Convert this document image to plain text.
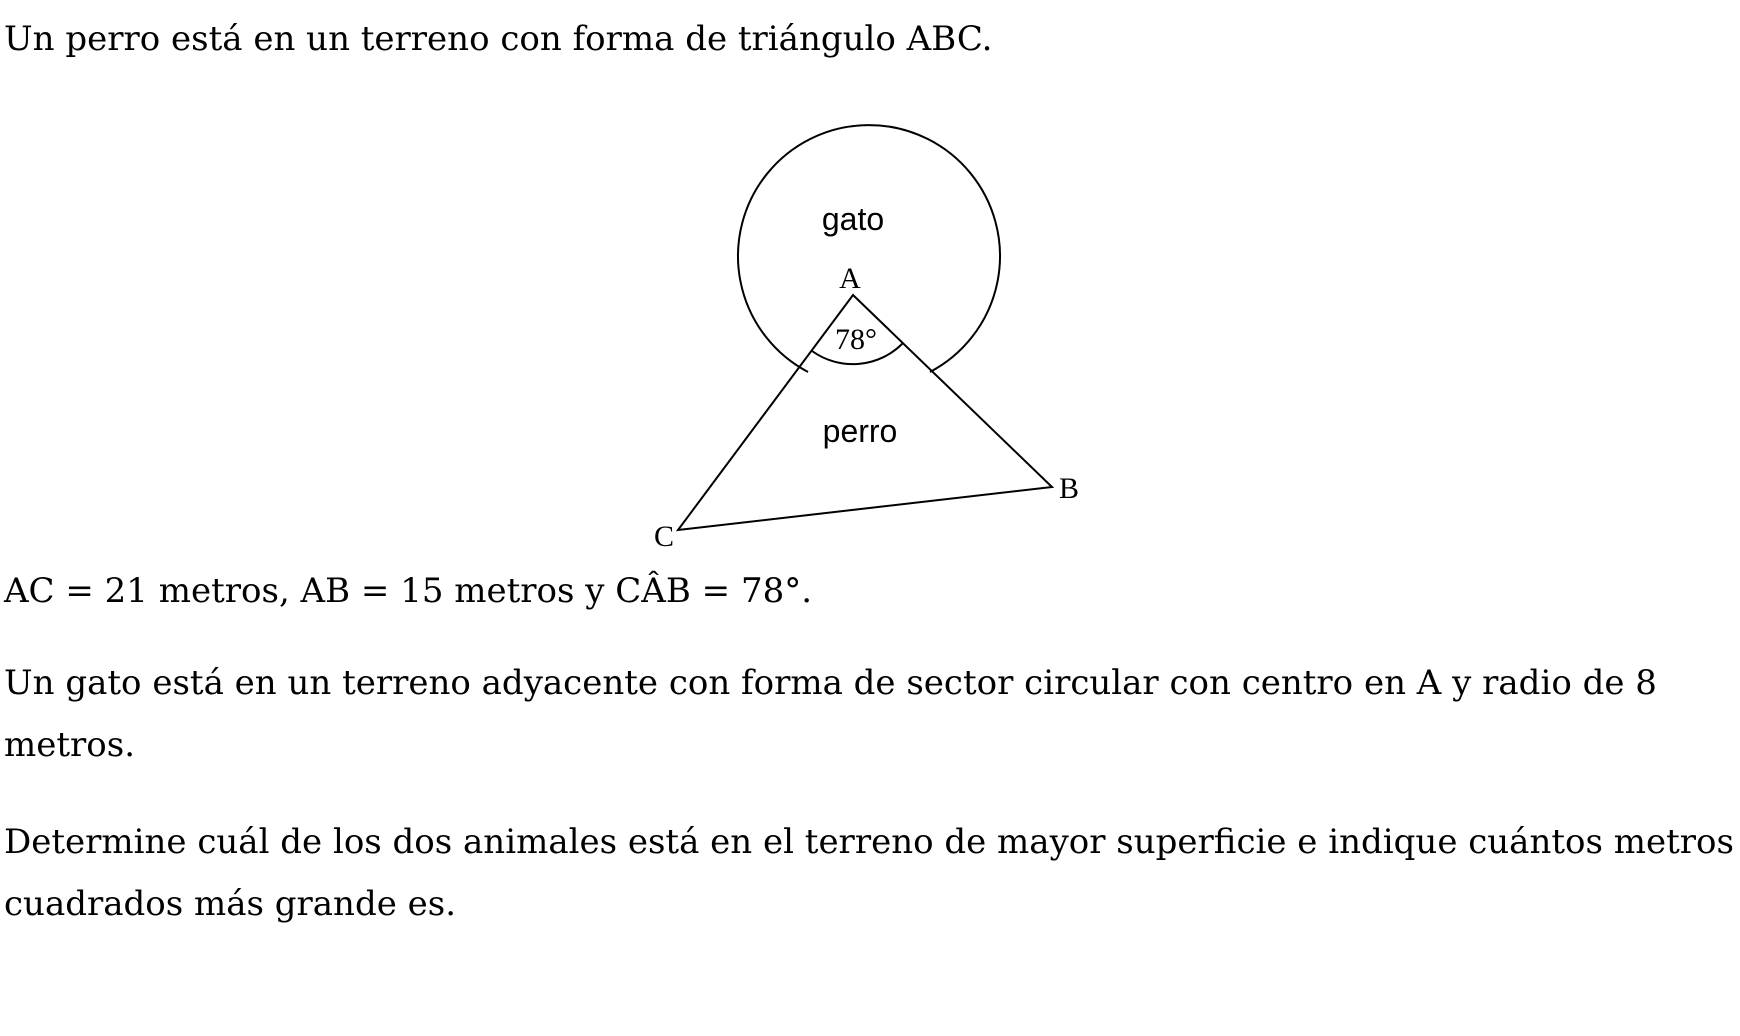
Un perro está en un terreno con forma de triángulo ABC.

gato
A
78°
perro
B
C

AC = 21 metros, AB = 15 metros y CÂB = 78°.

Un gato está en un terreno adyacente con forma de sector circular con centro en A y radio de 8
metros.

Determine cuál de los dos animales está en el terreno de mayor superficie e indique cuántos metros
cuadrados más grande es.
